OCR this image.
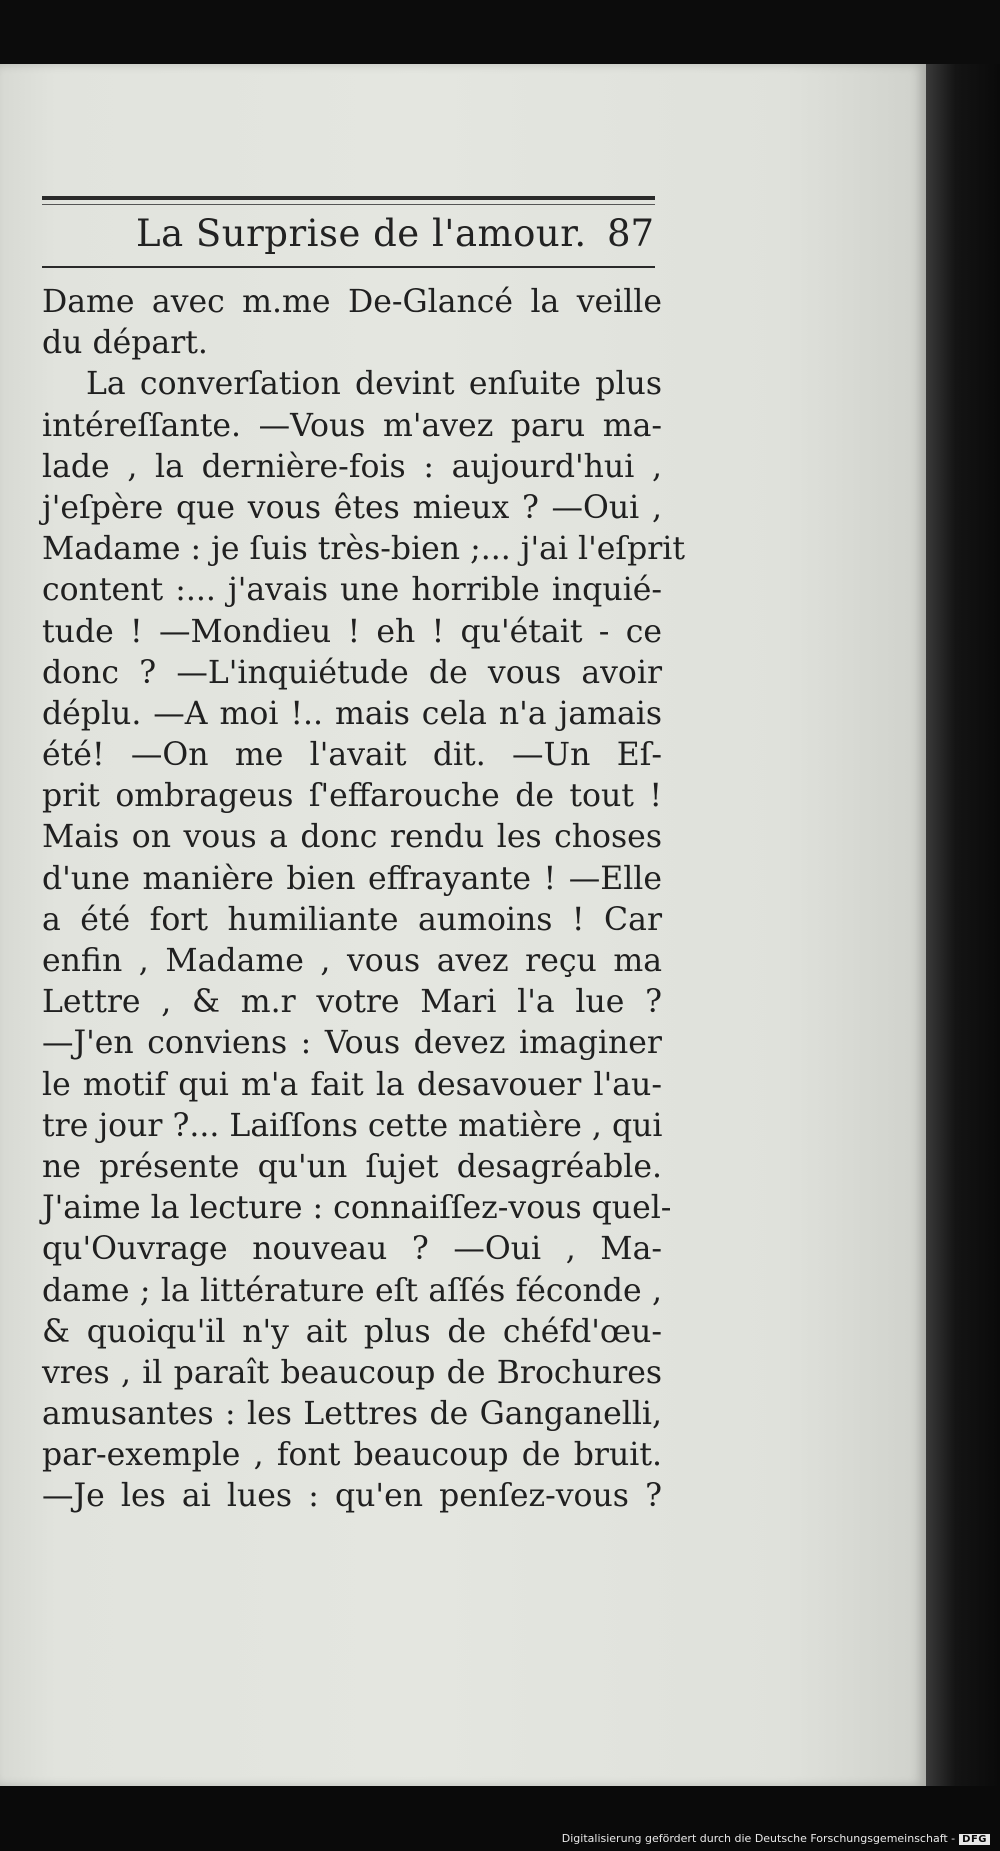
La Surprise de l'amour. 87
Dame avec m.me De-Glancé la veille
du départ.
La converſation devint enſuite plus
intéreſſante. —Vous m'avez paru ma-
lade , la dernière-fois : aujourd'hui ,
j'eſpère que vous êtes mieux ? —Oui ,
Madame : je ſuis très-bien ;... j'ai l'eſprit
content :... j'avais une horrible inquié-
tude ! —Mondieu ! eh ! qu'était - ce
donc ? —L'inquiétude de vous avoir
déplu. —A moi !.. mais cela n'a jamais
été! —On me l'avait dit. —Un Eſ-
prit ombrageus ſ'effarouche de tout !
Mais on vous a donc rendu les choses
d'une manière bien effrayante ! —Elle
a été fort humiliante aumoins ! Car
enfin , Madame , vous avez reçu ma
Lettre , & m.r votre Mari l'a lue ?
—J'en conviens : Vous devez imaginer
le motif qui m'a fait la desavouer l'au-
tre jour ?... Laiſſons cette matière , qui
ne présente qu'un ſujet desagréable.
J'aime la lecture : connaiſſez-vous quel-
qu'Ouvrage nouveau ? —Oui , Ma-
dame ; la littérature eſt aſſés féconde ,
& quoiqu'il n'y ait plus de chéfd'œu-
vres , il paraît beaucoup de Brochures
amusantes : les Lettres de Ganganelli,
par-exemple , font beaucoup de bruit.
—Je les ai lues : qu'en penſez-vous ?
Digitalisierung gefördert durch die Deutsche Forschungsgemeinschaft - DFG
